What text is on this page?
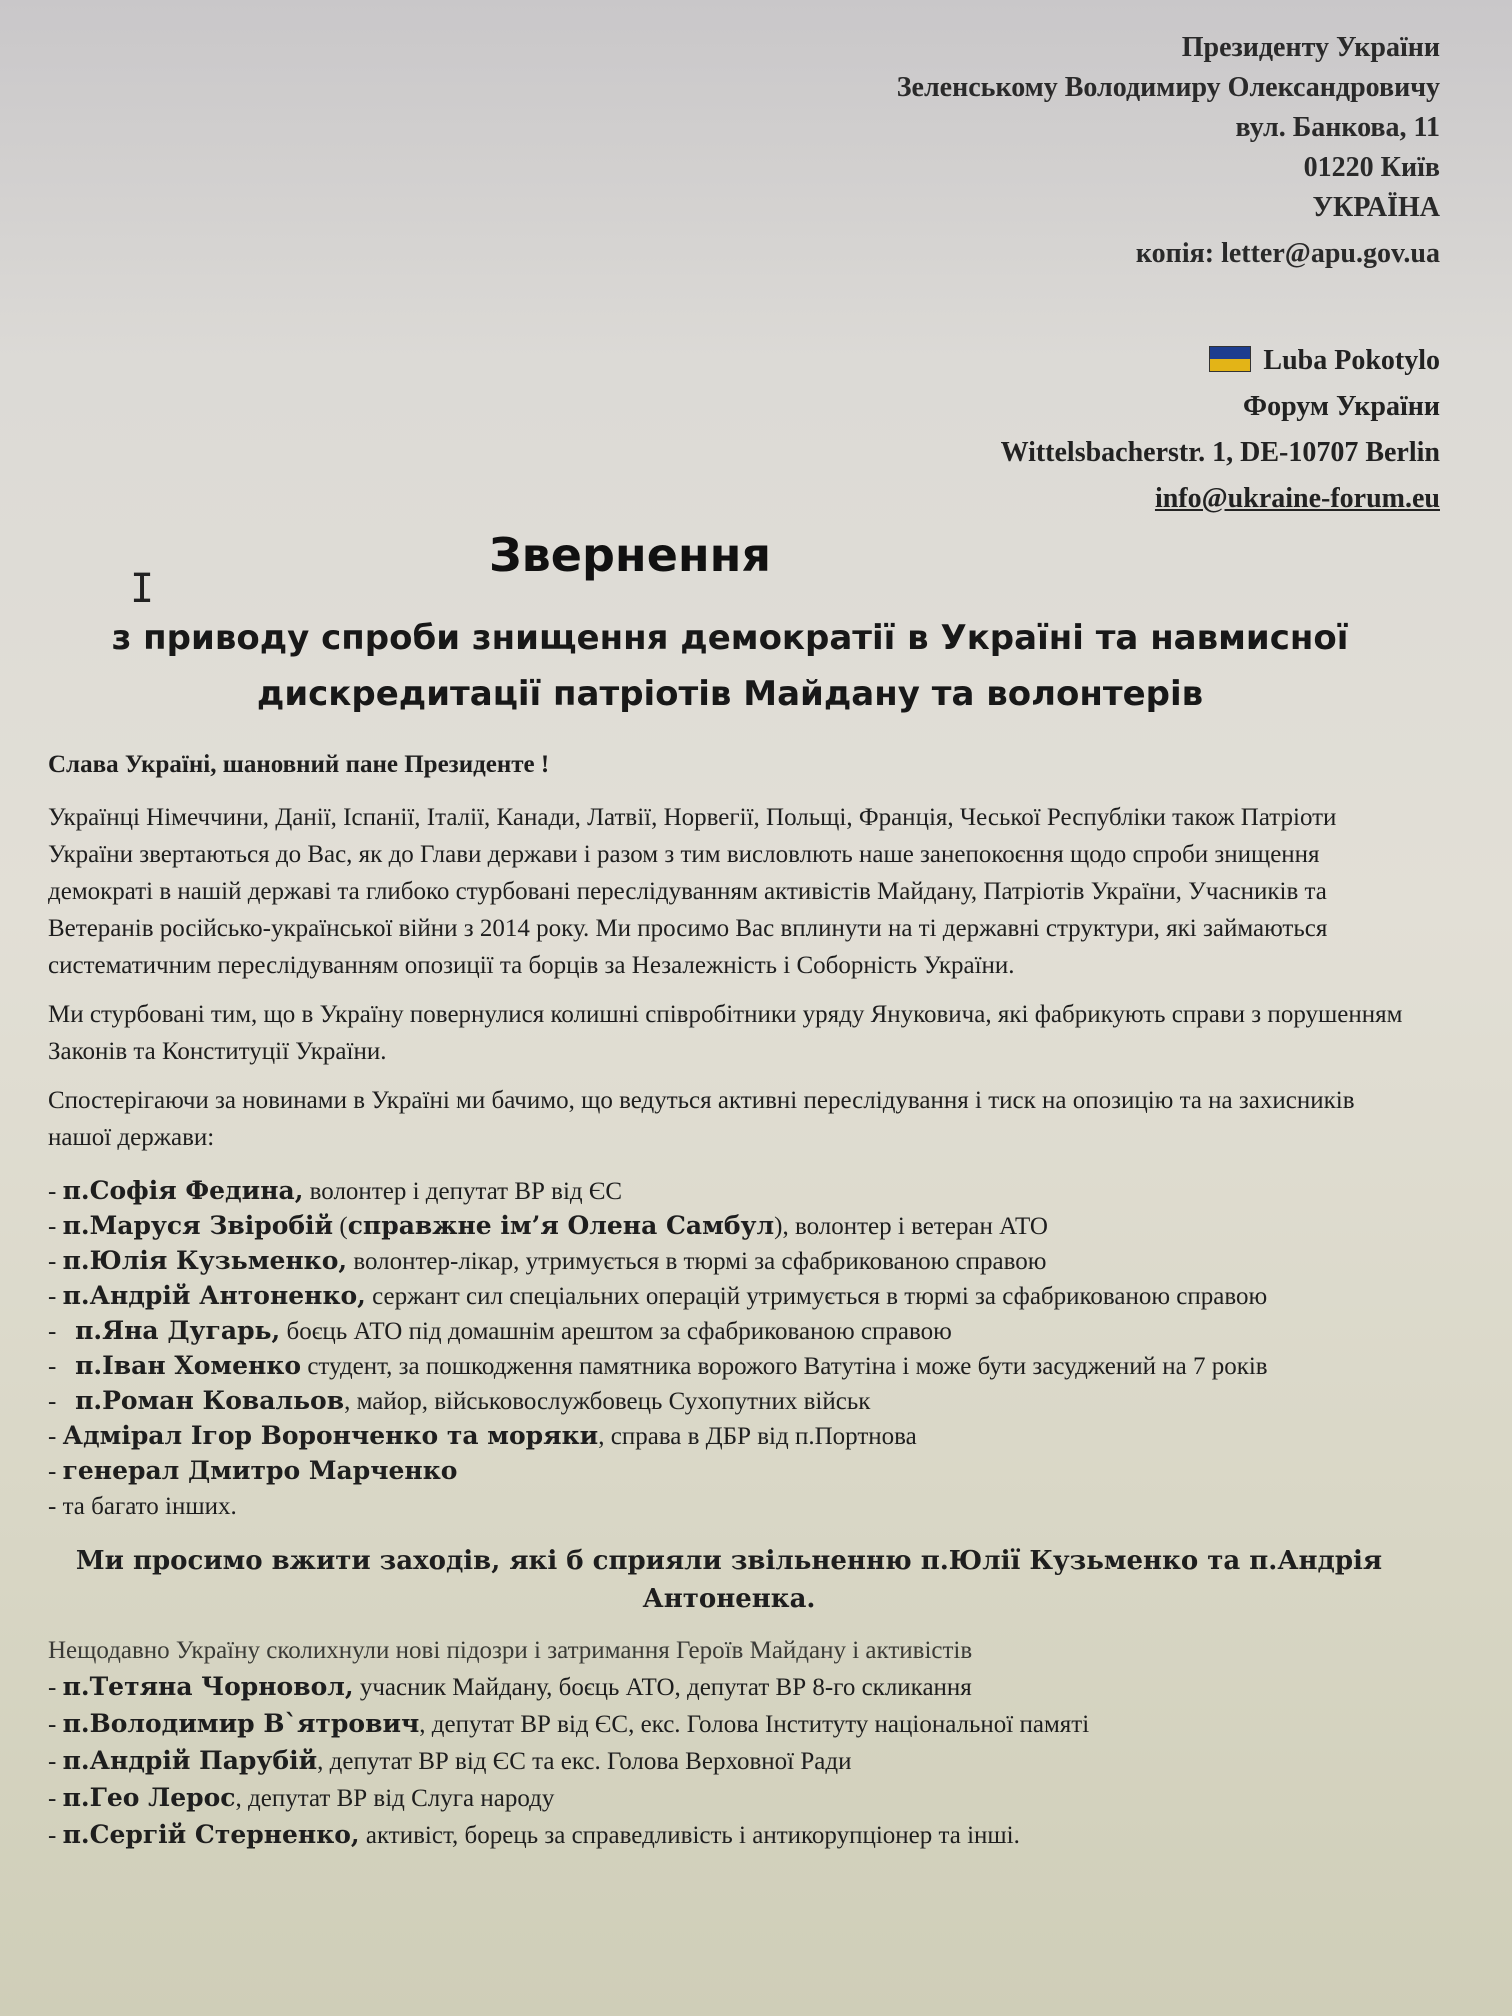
Президенту України
Зеленському Володимиру Олександровичу
вул. Банкова, 11
01220 Київ
УКРАЇНА
копія: letter@apu.gov.ua
Luba Pokotylo
Форум України
Wittelsbacherstr. 1, DE-10707 Berlin
info@ukraine-forum.eu
I
Звернення
з приводу спроби знищення демократії в Україні та навмисної дискредитації патріотів Майдану та волонтерів

Слава Україні, шановний пане Президенте !

Українці Німеччини, Данії, Іспанії, Італії, Канади, Латвії, Норвегії, Польщі, Франція, Чеської Республіки також Патріоти України звертаються до Вас, як до Глави держави і разом з тим висловлють наше занепокоєння щодо спроби знищення демократі в нашій державі та глибоко стурбовані переслідуванням активістів Майдану, Патріотів України, Учасників та Ветеранів російсько-української війни з 2014 року. Ми просимо Вас вплинути на ті державні структури, які займаються систематичним переслідуванням опозиції та борців за Незалежність і Соборність України.

Ми стурбовані тим, що в Україну повернулися колишні співробітники уряду Януковича, які фабрикують справи з порушенням Законів та Конституції України.

Спостерігаючи за новинами в Україні ми бачимо, що ведуться активні переслідування і тиск на опозицію та на захисників нашої держави:

- п.Софія Федина, волонтер і депутат ВР від ЄС
- п.Маруся Звіробій (справжне ім’я Олена Самбул), волонтер і ветеран АТО
- п.Юлія Кузьменко, волонтер-лікар, утримується в тюрмі за сфабрикованою справою
- п.Андрій Антоненко, сержант сил спеціальних операцій утримується в тюрмі за сфабрикованою справою
-   п.Яна Дугарь, боєць АТО під домашнім арештом за сфабрикованою справою
-   п.Іван Хоменко студент, за пошкодження памятника ворожого Ватутіна і може бути засуджений на 7 років
-   п.Роман Ковальов, майор, військовослужбовець Сухопутних військ
- Адмірал Ігор Воронченко та моряки, справа в ДБР від п.Портнова
- генерал Дмитро Марченко
- та багато інших.
Ми просимо вжити заходів, які б сприяли звільненню п.Юлії Кузьменко та п.Андрія Антоненка.
Нещодавно Україну сколихнули нові підозри і затримання Героїв Майдану і активістів
- п.Тетяна Чорновол, учасник Майдану, боєць АТО, депутат ВР 8-го скликання
- п.Володимир В`ятрович, депутат ВР від ЄС, екс. Голова Інституту національної памяті
- п.Андрій Парубій, депутат ВР від ЄС та екс. Голова Верховної Ради
- п.Гео Лерос, депутат ВР від Слуга народу
- п.Сергій Стерненко, активіст, борець за справедливість і антикорупціонер та інші.
